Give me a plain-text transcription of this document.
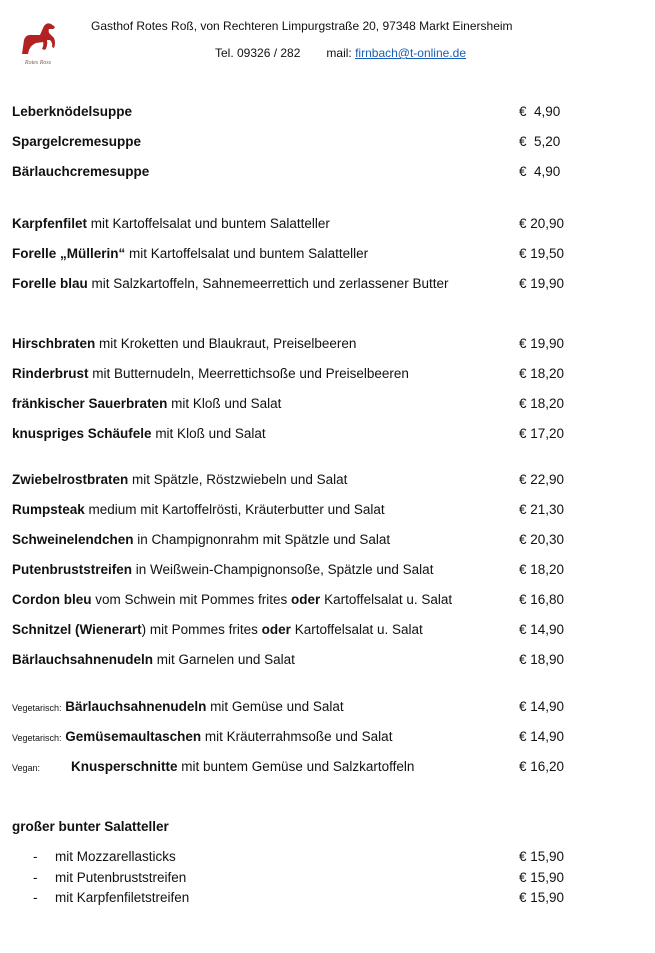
Rotes Ross
Gasthof Rotes Roß, von Rechteren Limpurgstraße 20, 97348 Markt Einersheim
Tel. 09326 / 282 mail: firnbach@t-online.de
Leberknödelsuppe	€  4,90
Spargelcremesuppe	€  5,20
Bärlauchcremesuppe	€  4,90
Karpfenfilet mit Kartoffelsalat und buntem Salatteller	€ 20,90
Forelle „Müllerin“ mit Kartoffelsalat und buntem Salatteller	€ 19,50
Forelle blau mit Salzkartoffeln, Sahnemeerrettich und zerlassener Butter	€ 19,90
Hirschbraten mit Kroketten und Blaukraut, Preiselbeeren	€ 19,90
Rinderbrust mit Butternudeln, Meerrettichsoße und Preiselbeeren	€ 18,20
fränkischer Sauerbraten mit Kloß und Salat	€ 18,20
knuspriges Schäufele mit Kloß und Salat	€ 17,20
Zwiebelrostbraten mit Spätzle, Röstzwiebeln und Salat	€ 22,90
Rumpsteak medium mit Kartoffelrösti, Kräuterbutter und Salat	€ 21,30
Schweinelendchen in Champignonrahm mit Spätzle und Salat	€ 20,30
Putenbruststreifen in Weißwein-Champignonsoße, Spätzle und Salat	€ 18,20
Cordon bleu vom Schwein mit Pommes frites oder Kartoffelsalat u. Salat	€ 16,80
Schnitzel (Wienerart) mit Pommes frites oder Kartoffelsalat u. Salat	€ 14,90
Bärlauchsahnenudeln mit Garnelen und Salat	€ 18,90
Vegetarisch: Bärlauchsahnenudeln mit Gemüse und Salat	€ 14,90
Vegetarisch: Gemüsemaultaschen mit Kräuterrahmsoße und Salat	€ 14,90
Vegan: Knusperschnitte mit buntem Gemüse und Salzkartoffeln	€ 16,20
großer bunter Salatteller
- mit Mozzarellasticks	€ 15,90
- mit Putenbruststreifen	€ 15,90
- mit Karpfenfiletstreifen	€ 15,90
